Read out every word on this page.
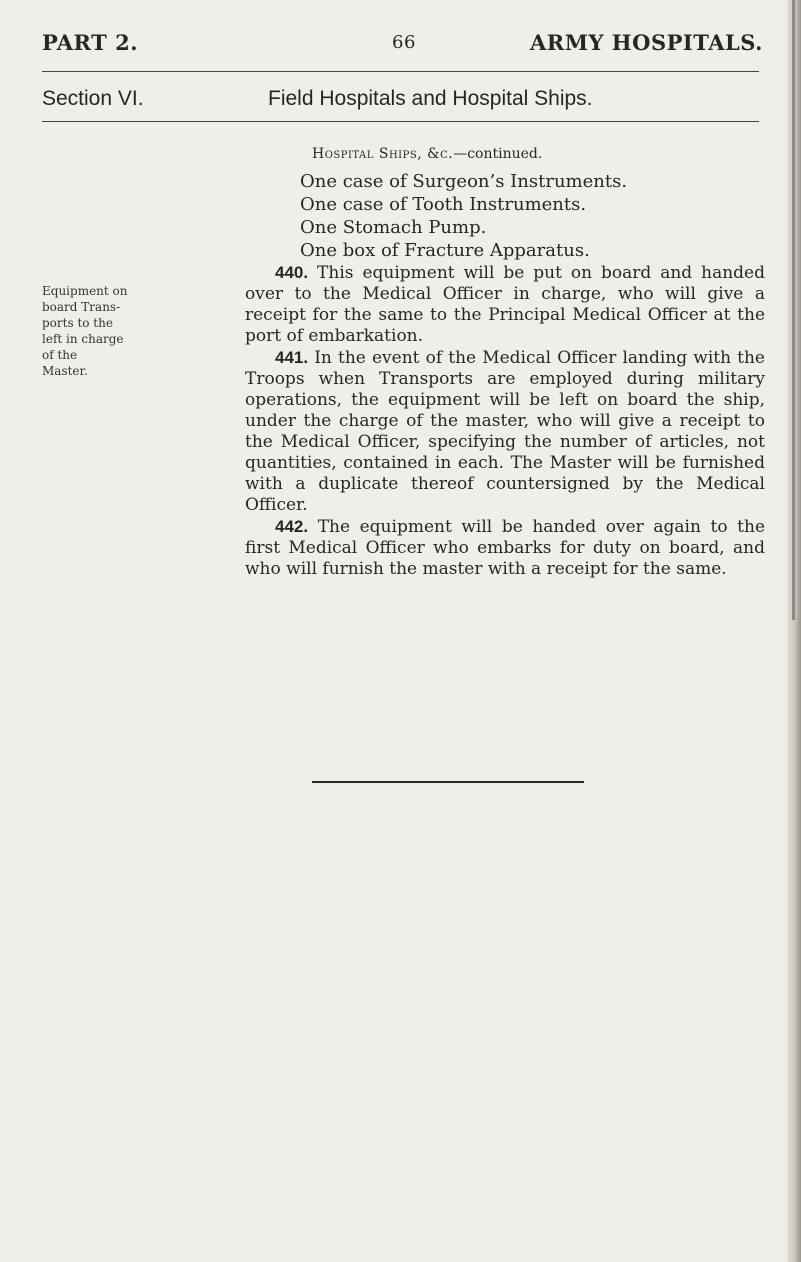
PART 2.	66	ARMY HOSPITALS.
Section VI.	Field Hospitals and Hospital Ships.
Hospital Ships, &c.—continued.
One case of Surgeon’s Instruments.
One case of Tooth Instruments.
One Stomach Pump.
One box of Fracture Apparatus.
Equipment on
board Trans-
ports to the
left in charge
of the
Master.

440. This equipment will be put on board and handed over to the Medical Officer in charge, who will give a receipt for the same to the Principal Medical Officer at the port of embarkation.

441. In the event of the Medical Officer landing with the Troops when Transports are employed during military operations, the equipment will be left on board the ship, under the charge of the master, who will give a receipt to the Medical Officer, specifying the number of articles, not quantities, contained in each. The Master will be furnished with a duplicate thereof countersigned by the Medical Officer.

442. The equipment will be handed over again to the first Medical Officer who embarks for duty on board, and who will furnish the master with a receipt for the same.
